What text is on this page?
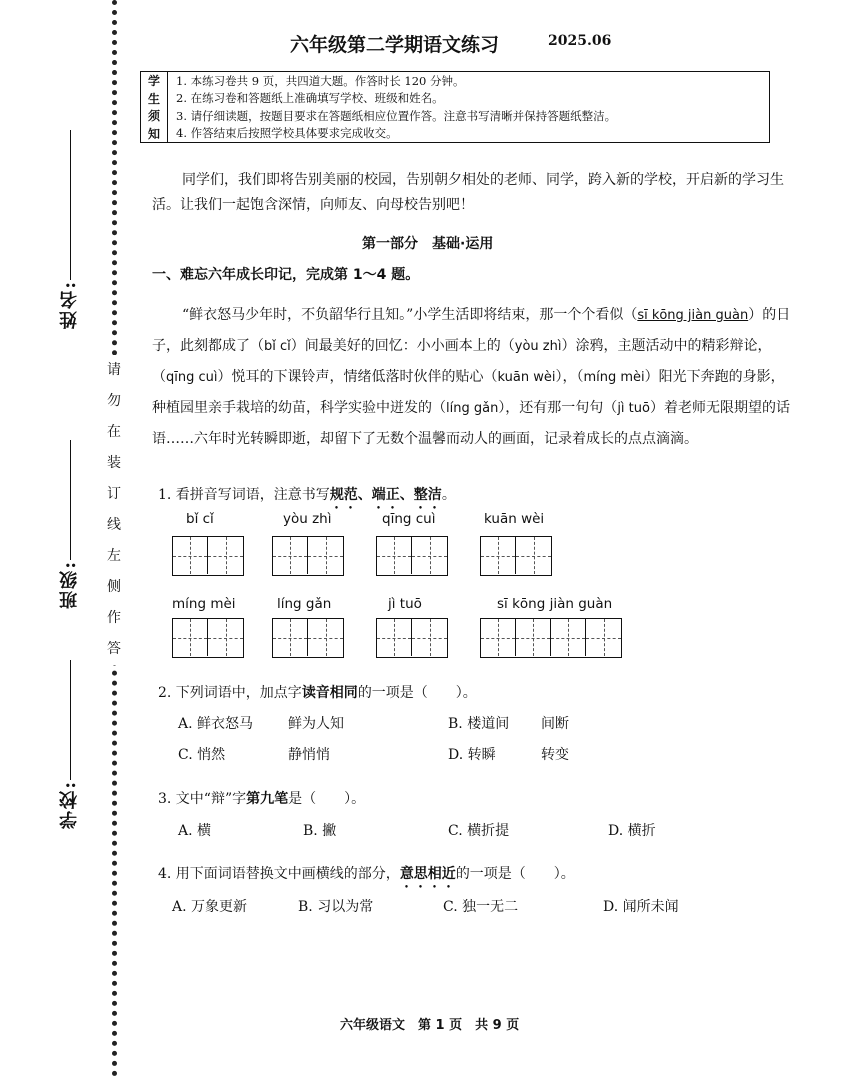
姓名:
班级:
学校:
请
勿
在
装
订
线
左
侧
作
答
六年级第二学期语文练习	2025.06
学
生
须
知
1. 本练习卷共 9 页，共四道大题。作答时长 120 分钟。
2. 在练习卷和答题纸上准确填写学校、班级和姓名。
3. 请仔细读题，按题目要求在答题纸相应位置作答。注意书写清晰并保持答题纸整洁。
4. 作答结束后按照学校具体要求完成收交。
同学们，我们即将告别美丽的校园，告别朝夕相处的老师、同学，跨入新的学校，开启新的学习生活。让我们一起饱含深情，向师友、向母校告别吧！
第一部分　基础·运用
一、难忘六年成长印记，完成第 1～4 题。
“鲜衣怒马少年时，不负韶华行且知。”小学生活即将结束，那一个个看似（sī kōng jiàn guàn）的日子，此刻都成了（bǐ cǐ）间最美好的回忆：小小画本上的（yòu zhì）涂鸦，主题活动中的精彩辩论，（qīng cuì）悦耳的下课铃声，情绪低落时伙伴的贴心（kuān wèi），（míng mèi）阳光下奔跑的身影，种植园里亲手栽培的幼苗，科学实验中迸发的（líng gǎn），还有那一句句（jì tuō）着老师无限期望的话语……六年时光转瞬即逝，却留下了无数个温馨而动人的画面，记录着成长的点点滴滴。
1. 看拼音写词语，注意书写规范、端正、整洁。
bǐ cǐ	yòu zhì	qīng cuì	kuān wèi
míng mèi	líng gǎn	jì tuō	sī kōng jiàn guàn
2. 下列词语中，加点字读音相同的一项是（　　）。
A. 鲜衣怒马 鲜为人知	B. 楼道间 间断
C. 悄然	静悄悄	D. 转瞬	转变
3. 文中“辩”字第九笔是（　　）。
A. 横	B. 撇	C. 横折提	D. 横折
4. 用下面词语替换文中画横线的部分，意思相近的一项是（　　）。
A. 万象更新	B. 习以为常	C. 独一无二	D. 闻所未闻
六年级语文　第 1 页　共 9 页
